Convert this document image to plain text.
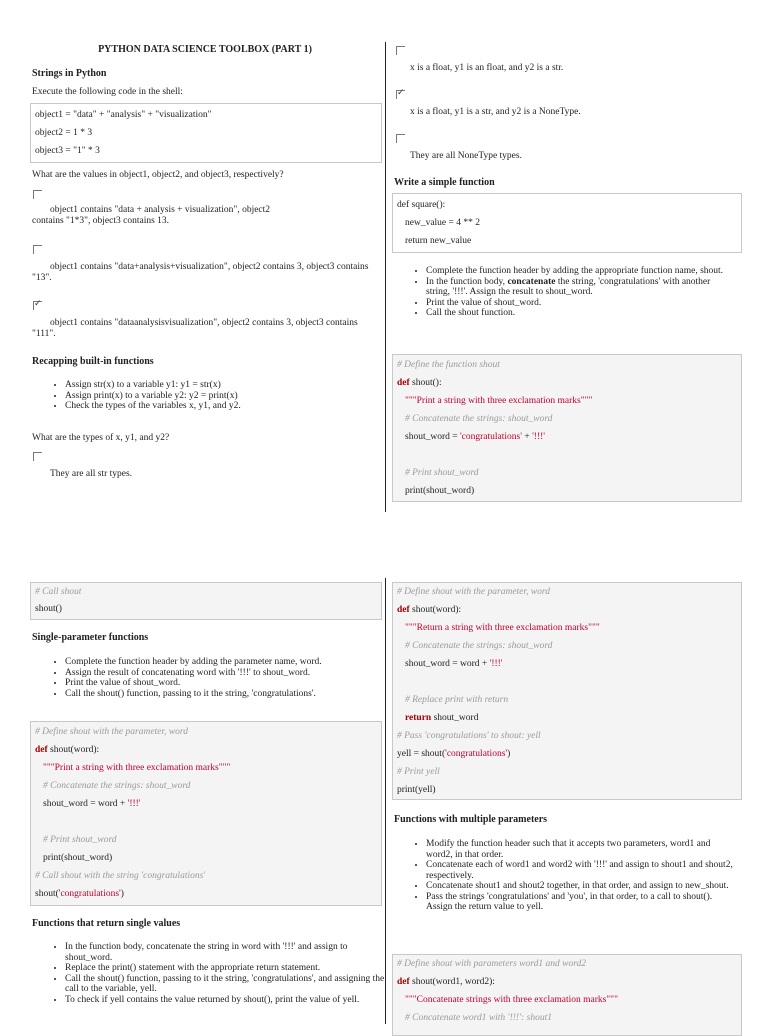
PYTHON DATA SCIENCE TOOLBOX (PART 1)
Strings in Python
Execute the following code in the shell:
object1 = "data" + "analysis" + "visualization"
object2 = 1 * 3
object3 = "1" * 3
What are the values in object1, object2, and object3, respectively?
object1 contains "data + analysis + visualization", object2 contains "1*3", object3 contains 13.
object1 contains "data+analysis+visualization", object2 contains 3, object3 contains "13".
✓
object1 contains "dataanalysisvisualization", object2 contains 3, object3 contains "111".
Recapping built-in functions
• Assign str(x) to a variable y1: y1 = str(x)
• Assign print(x) to a variable y2: y2 = print(x)
• Check the types of the variables x, y1, and y2.
What are the types of x, y1, and y2?
They are all str types.
x is a float, y1 is an float, and y2 is a str.
✓
x is a float, y1 is a str, and y2 is a NoneType.
They are all NoneType types.
Write a simple function
def square():
new_value = 4 ** 2
return new_value
• Complete the function header by adding the appropriate function name, shout.
• In the function body, concatenate the string, 'congratulations' with another string, '!!!'. Assign the result to shout_word.
• Print the value of shout_word.
• Call the shout function.
# Define the function shout
def shout():
"""Print a string with three exclamation marks"""
# Concatenate the strings: shout_word
shout_word = 'congratulations' + '!!!'
# Print shout_word
print(shout_word)
# Call shout
shout()
Single-parameter functions
• Complete the function header by adding the parameter name, word.
• Assign the result of concatenating word with '!!!' to shout_word.
• Print the value of shout_word.
• Call the shout() function, passing to it the string, 'congratulations'.
# Define shout with the parameter, word
def shout(word):
"""Print a string with three exclamation marks"""
# Concatenate the strings: shout_word
shout_word = word + '!!!'
# Print shout_word
print(shout_word)
# Call shout with the string 'congratulations'
shout('congratulations')
Functions that return single values
• In the function body, concatenate the string in word with '!!!' and assign to shout_word.
• Replace the print() statement with the appropriate return statement.
• Call the shout() function, passing to it the string, 'congratulations', and assigning the call to the variable, yell.
• To check if yell contains the value returned by shout(), print the value of yell.
# Define shout with the parameter, word
def shout(word):
"""Return a string with three exclamation marks"""
# Concatenate the strings: shout_word
shout_word = word + '!!!'
# Replace print with return
return shout_word
# Pass 'congratulations' to shout: yell
yell = shout('congratulations')
# Print yell
print(yell)
Functions with multiple parameters
• Modify the function header such that it accepts two parameters, word1 and word2, in that order.
• Concatenate each of word1 and word2 with '!!!' and assign to shout1 and shout2, respectively.
• Concatenate shout1 and shout2 together, in that order, and assign to new_shout.
• Pass the strings 'congratulations' and 'you', in that order, to a call to shout(). Assign the return value to yell.
# Define shout with parameters word1 and word2
def shout(word1, word2):
"""Concatenate strings with three exclamation marks"""
# Concatenate word1 with '!!!': shout1
